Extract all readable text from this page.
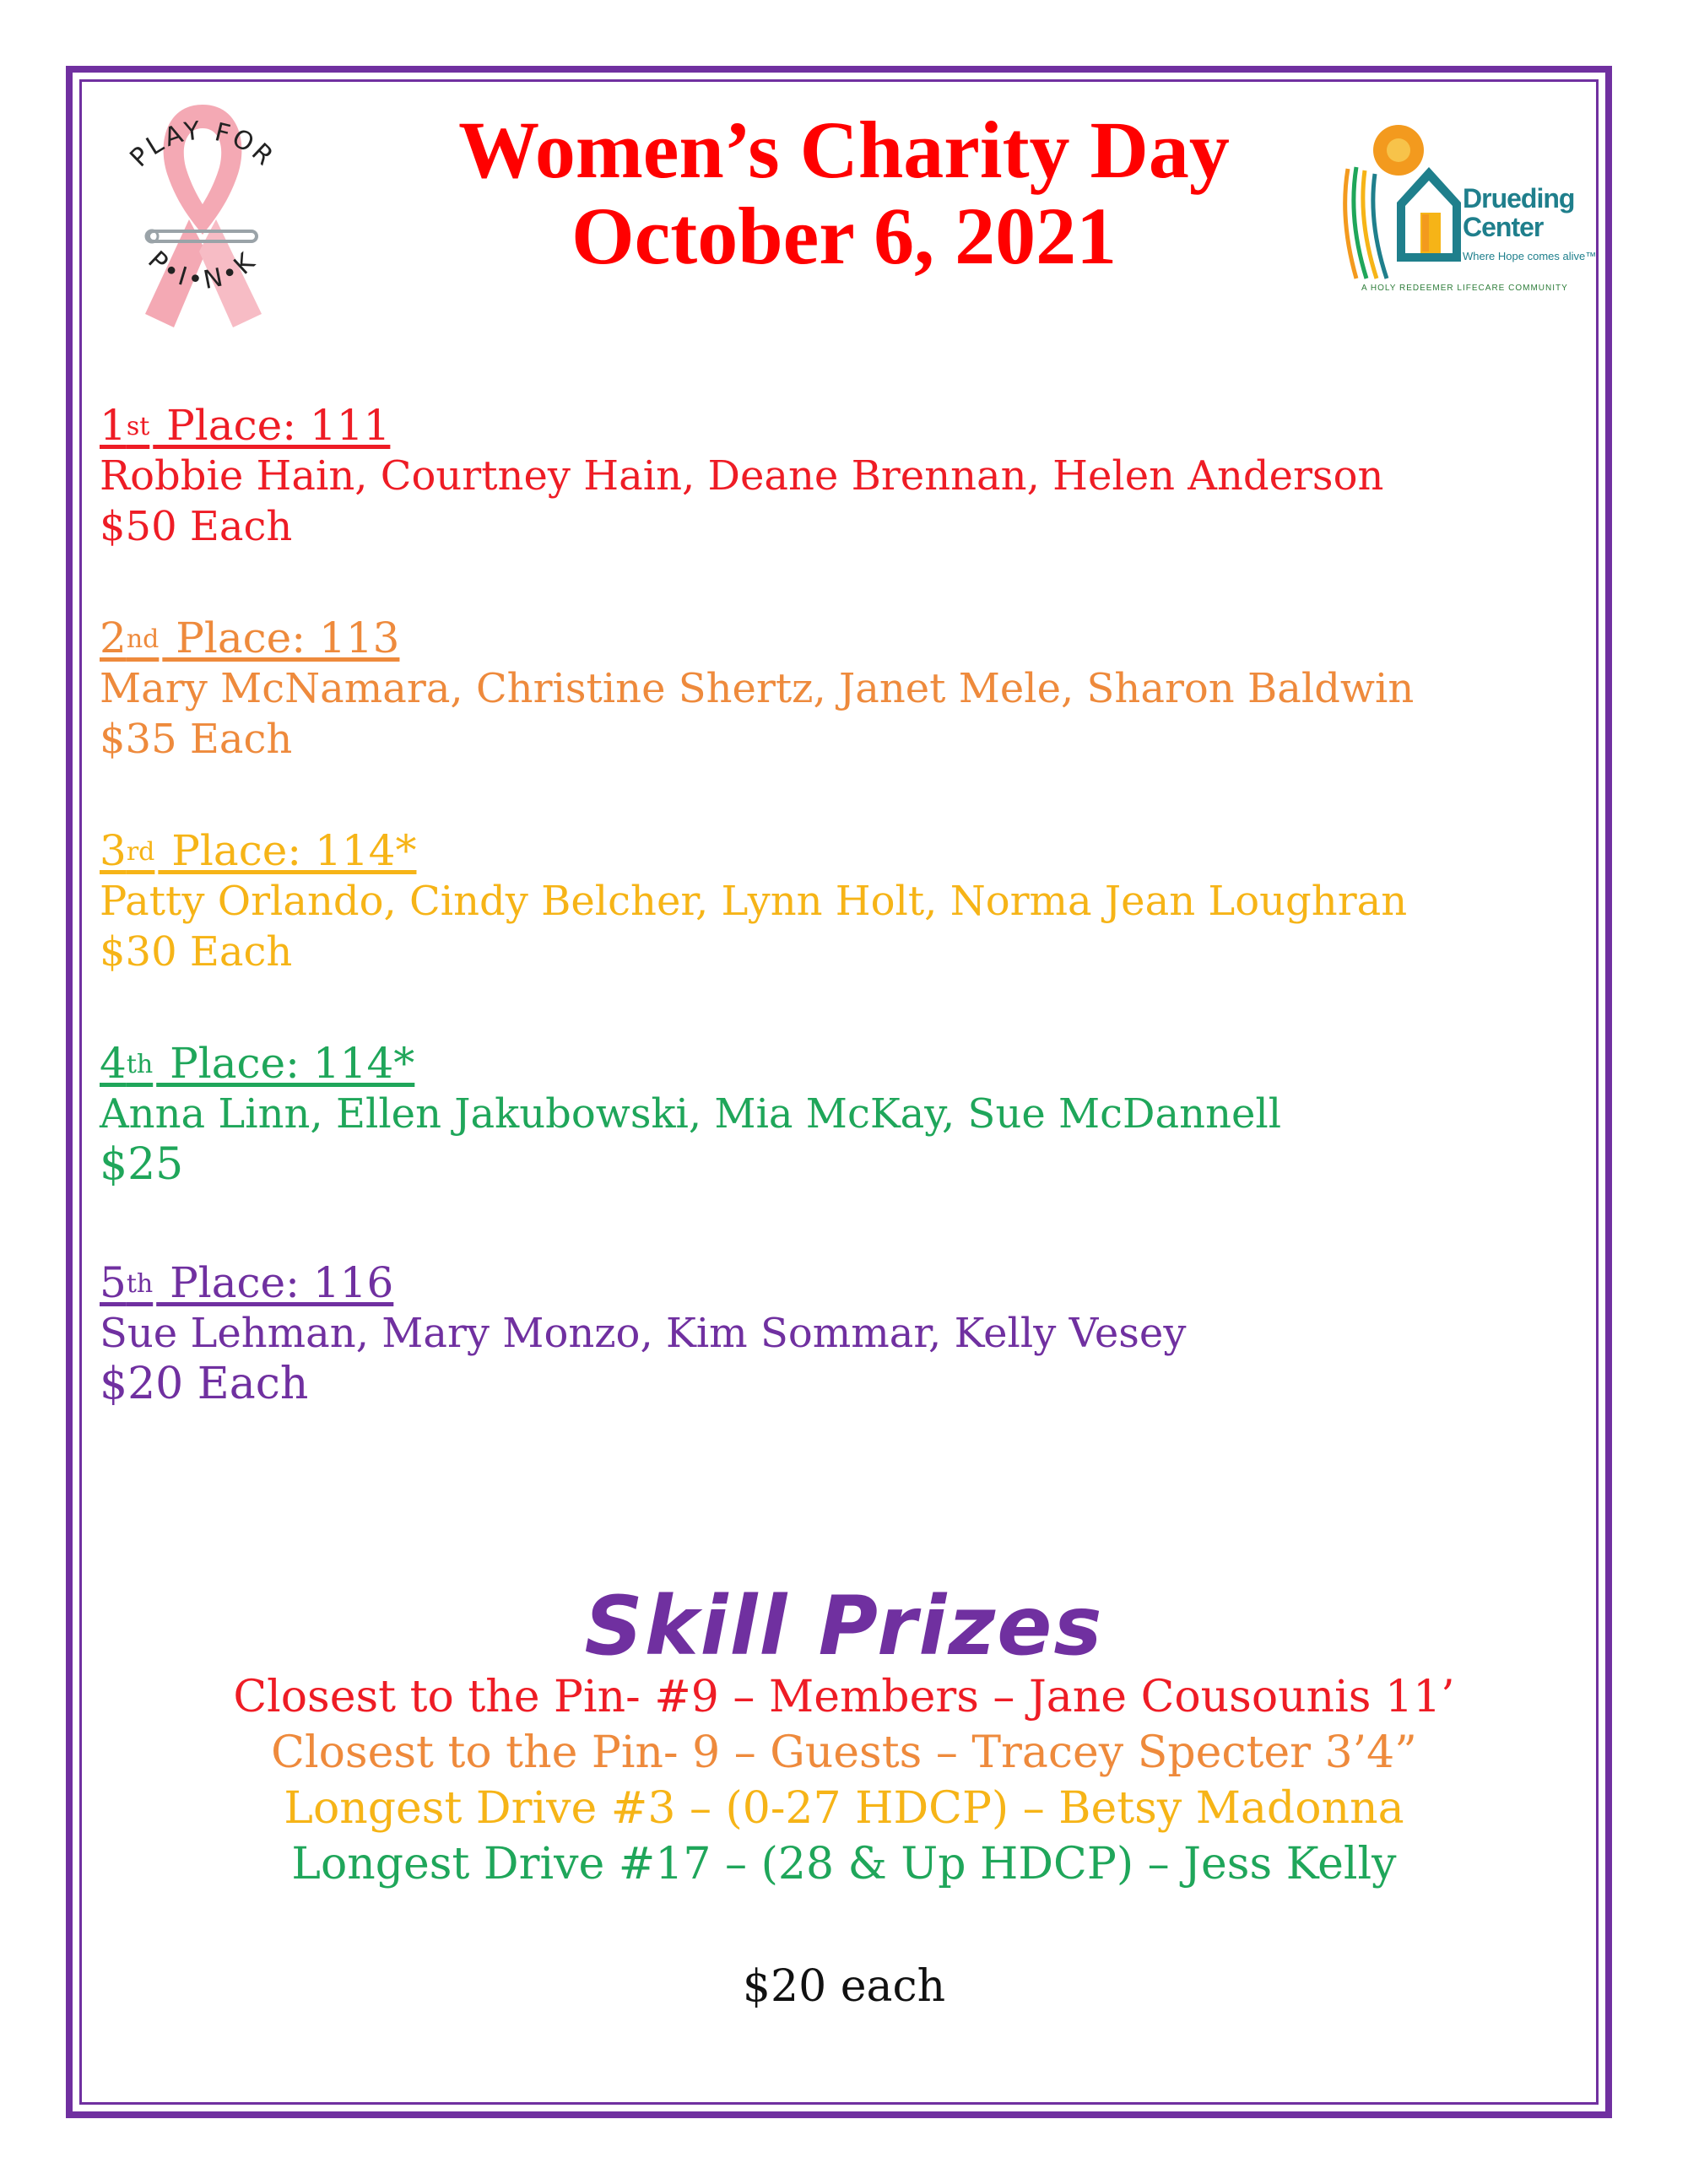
PLAY FOR
P•I•N•K
Women’s Charity Day
October 6, 2021	Drueding
Center
Where Hope comes alive™
A HOLY REDEEMER LIFECARE COMMUNITY
1st Place: 111
Robbie Hain, Courtney Hain, Deane Brennan, Helen Anderson
$50 Each
2nd Place: 113
Mary McNamara, Christine Shertz, Janet Mele, Sharon Baldwin
$35 Each
3rd Place: 114*
Patty Orlando, Cindy Belcher, Lynn Holt, Norma Jean Loughran
$30 Each
4th Place: 114*
Anna Linn, Ellen Jakubowski, Mia McKay, Sue McDannell
$25
5th Place: 116
Sue Lehman, Mary Monzo, Kim Sommar, Kelly Vesey
$20 Each
Skill Prizes
Closest to the Pin- #9 – Members – Jane Cousounis 11’
Closest to the Pin- 9 – Guests – Tracey Specter 3’4”
Longest Drive #3 – (0-27 HDCP) – Betsy Madonna
Longest Drive #17 – (28 & Up HDCP) – Jess Kelly
$20 each
